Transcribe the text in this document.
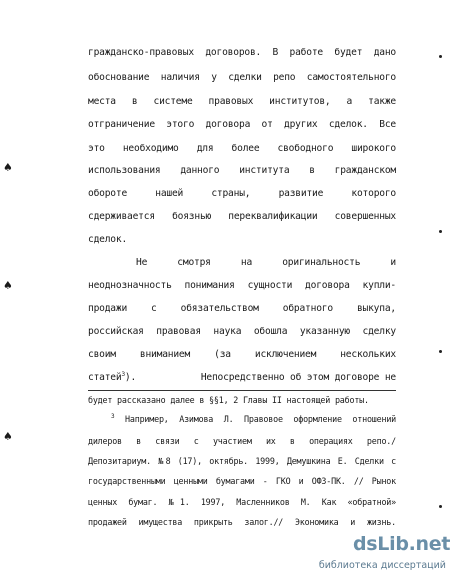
гражданско-правовых договоров. В работе будет дано
обоснование наличия у сделки репо самостоятельного
места в системе правовых институтов, а также
отграничение этого договора от других сделок. Все
это необходимо для более свободного широкого
использования данного института в гражданском
обороте нашей страны, развитие которого
сдерживается боязнью переквалификации совершенных
сделок.
Не смотря на оригинальность и
неоднозначность понимания сущности договора купли-
продажи с обязательством обратного выкупа,
российская правовая наука обошла указанную сделку
своим вниманием (за исключением нескольких
статей$^3$).	Непосредственно об этом договоре не
будет рассказано далее в §§1, 2 Главы II настоящей работы.
$^3$ Например, Азимова Л. Правовое оформление отношений
дилеров в связи с участием их в операциях репо./
Депозитариум. №8 (17), октябрь. 1999, Демушкина Е. Сделки с
государственными ценными бумагами - ГКО и ОФЗ-ПК. // Рынок
ценных бумаг. №1. 1997, Масленников М. Как «обратной»
продажей имущества прикрыть залог.// Экономика и жизнь.
♠
♠
♠
dsLib.net
библиотека диссертаций
